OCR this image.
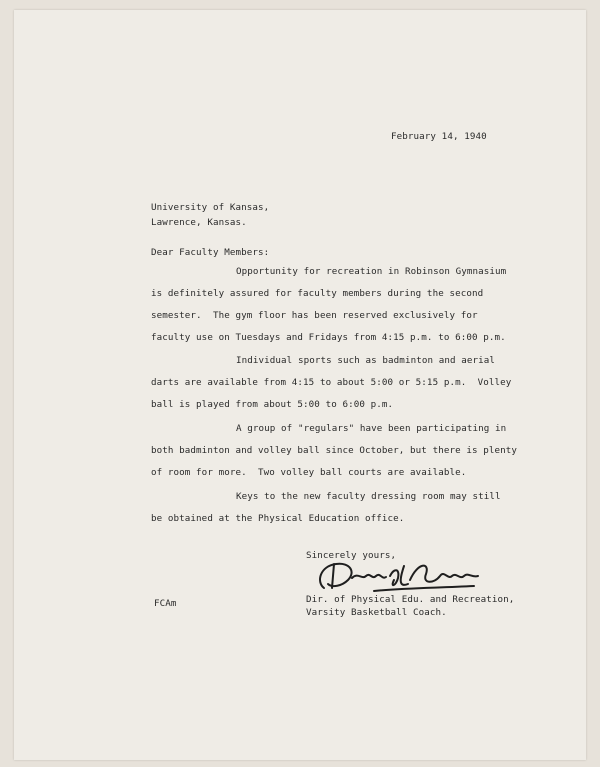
February 14, 1940
University of Kansas,
Lawrence, Kansas.
Dear Faculty Members:
Opportunity for recreation in Robinson Gymnasium
is definitely assured for faculty members during the second
semester.  The gym floor has been reserved exclusively for
faculty use on Tuesdays and Fridays from 4:15 p.m. to 6:00 p.m.
Individual sports such as badminton and aerial
darts are available from 4:15 to about 5:00 or 5:15 p.m.  Volley
ball is played from about 5:00 to 6:00 p.m.
A group of "regulars" have been participating in
both badminton and volley ball since October, but there is plenty
of room for more.  Two volley ball courts are available.
Keys to the new faculty dressing room may still
be obtained at the Physical Education office.
Sincerely yours,
FCAm	Dir. of Physical Edu. and Recreation,
Varsity Basketball Coach.
